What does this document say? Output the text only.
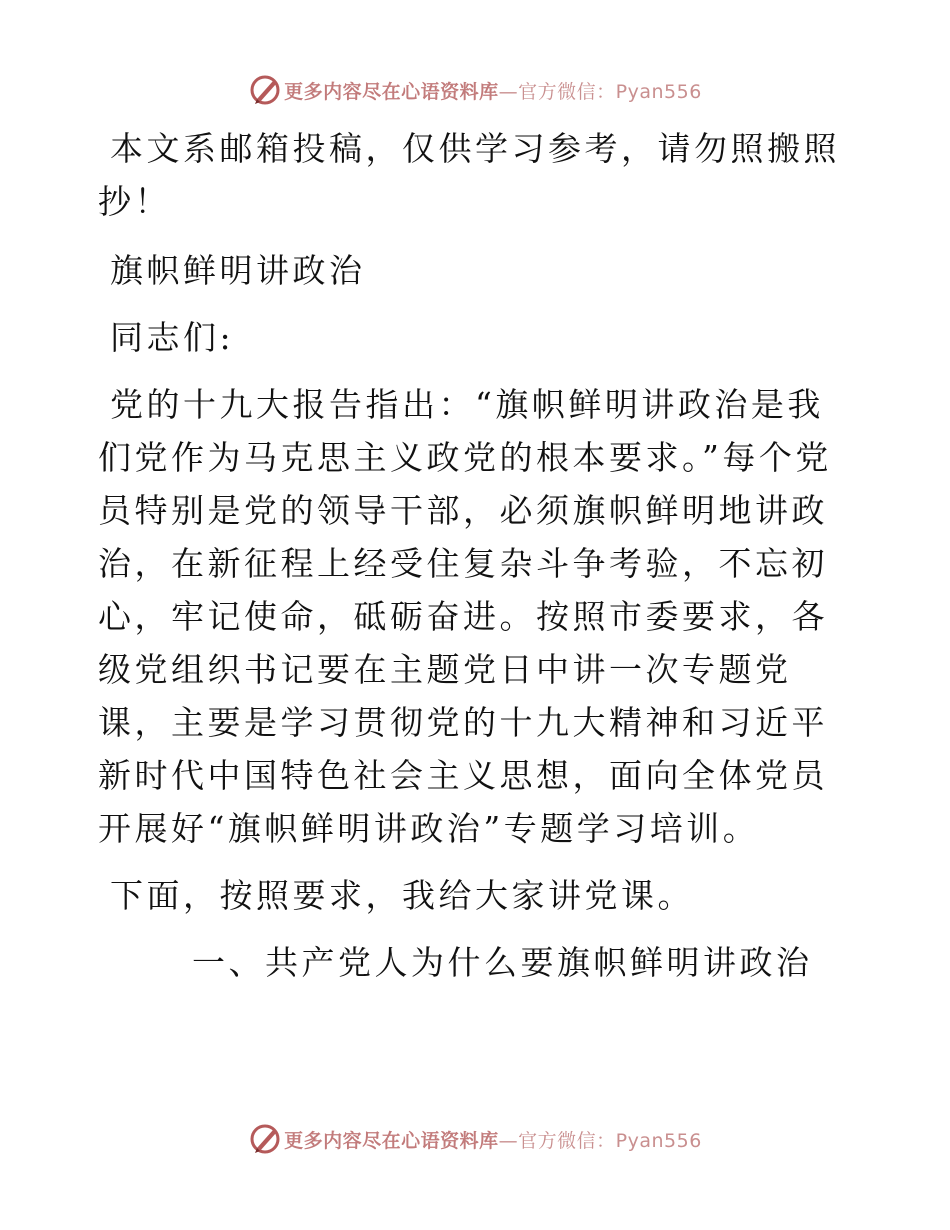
更多内容尽在心语资料库—官方微信：Pyan556

本文系邮箱投稿，仅供学习参考，请勿照搬照抄！

旗帜鲜明讲政治

同志们:

党的十九大报告指出：“旗帜鲜明讲政治是我们党作为马克思主义政党的根本要求。”每个党员特别是党的领导干部，必须旗帜鲜明地讲政治，在新征程上经受住复杂斗争考验，不忘初心，牢记使命，砥砺奋进。按照市委要求，各级党组织书记要在主题党日中讲一次专题党课，主要是学习贯彻党的十九大精神和习近平新时代中国特色社会主义思想，面向全体党员开展好“旗帜鲜明讲政治”专题学习培训。

下面，按照要求，我给大家讲党课。

一、共产党人为什么要旗帜鲜明讲政治

更多内容尽在心语资料库—官方微信：Pyan556
